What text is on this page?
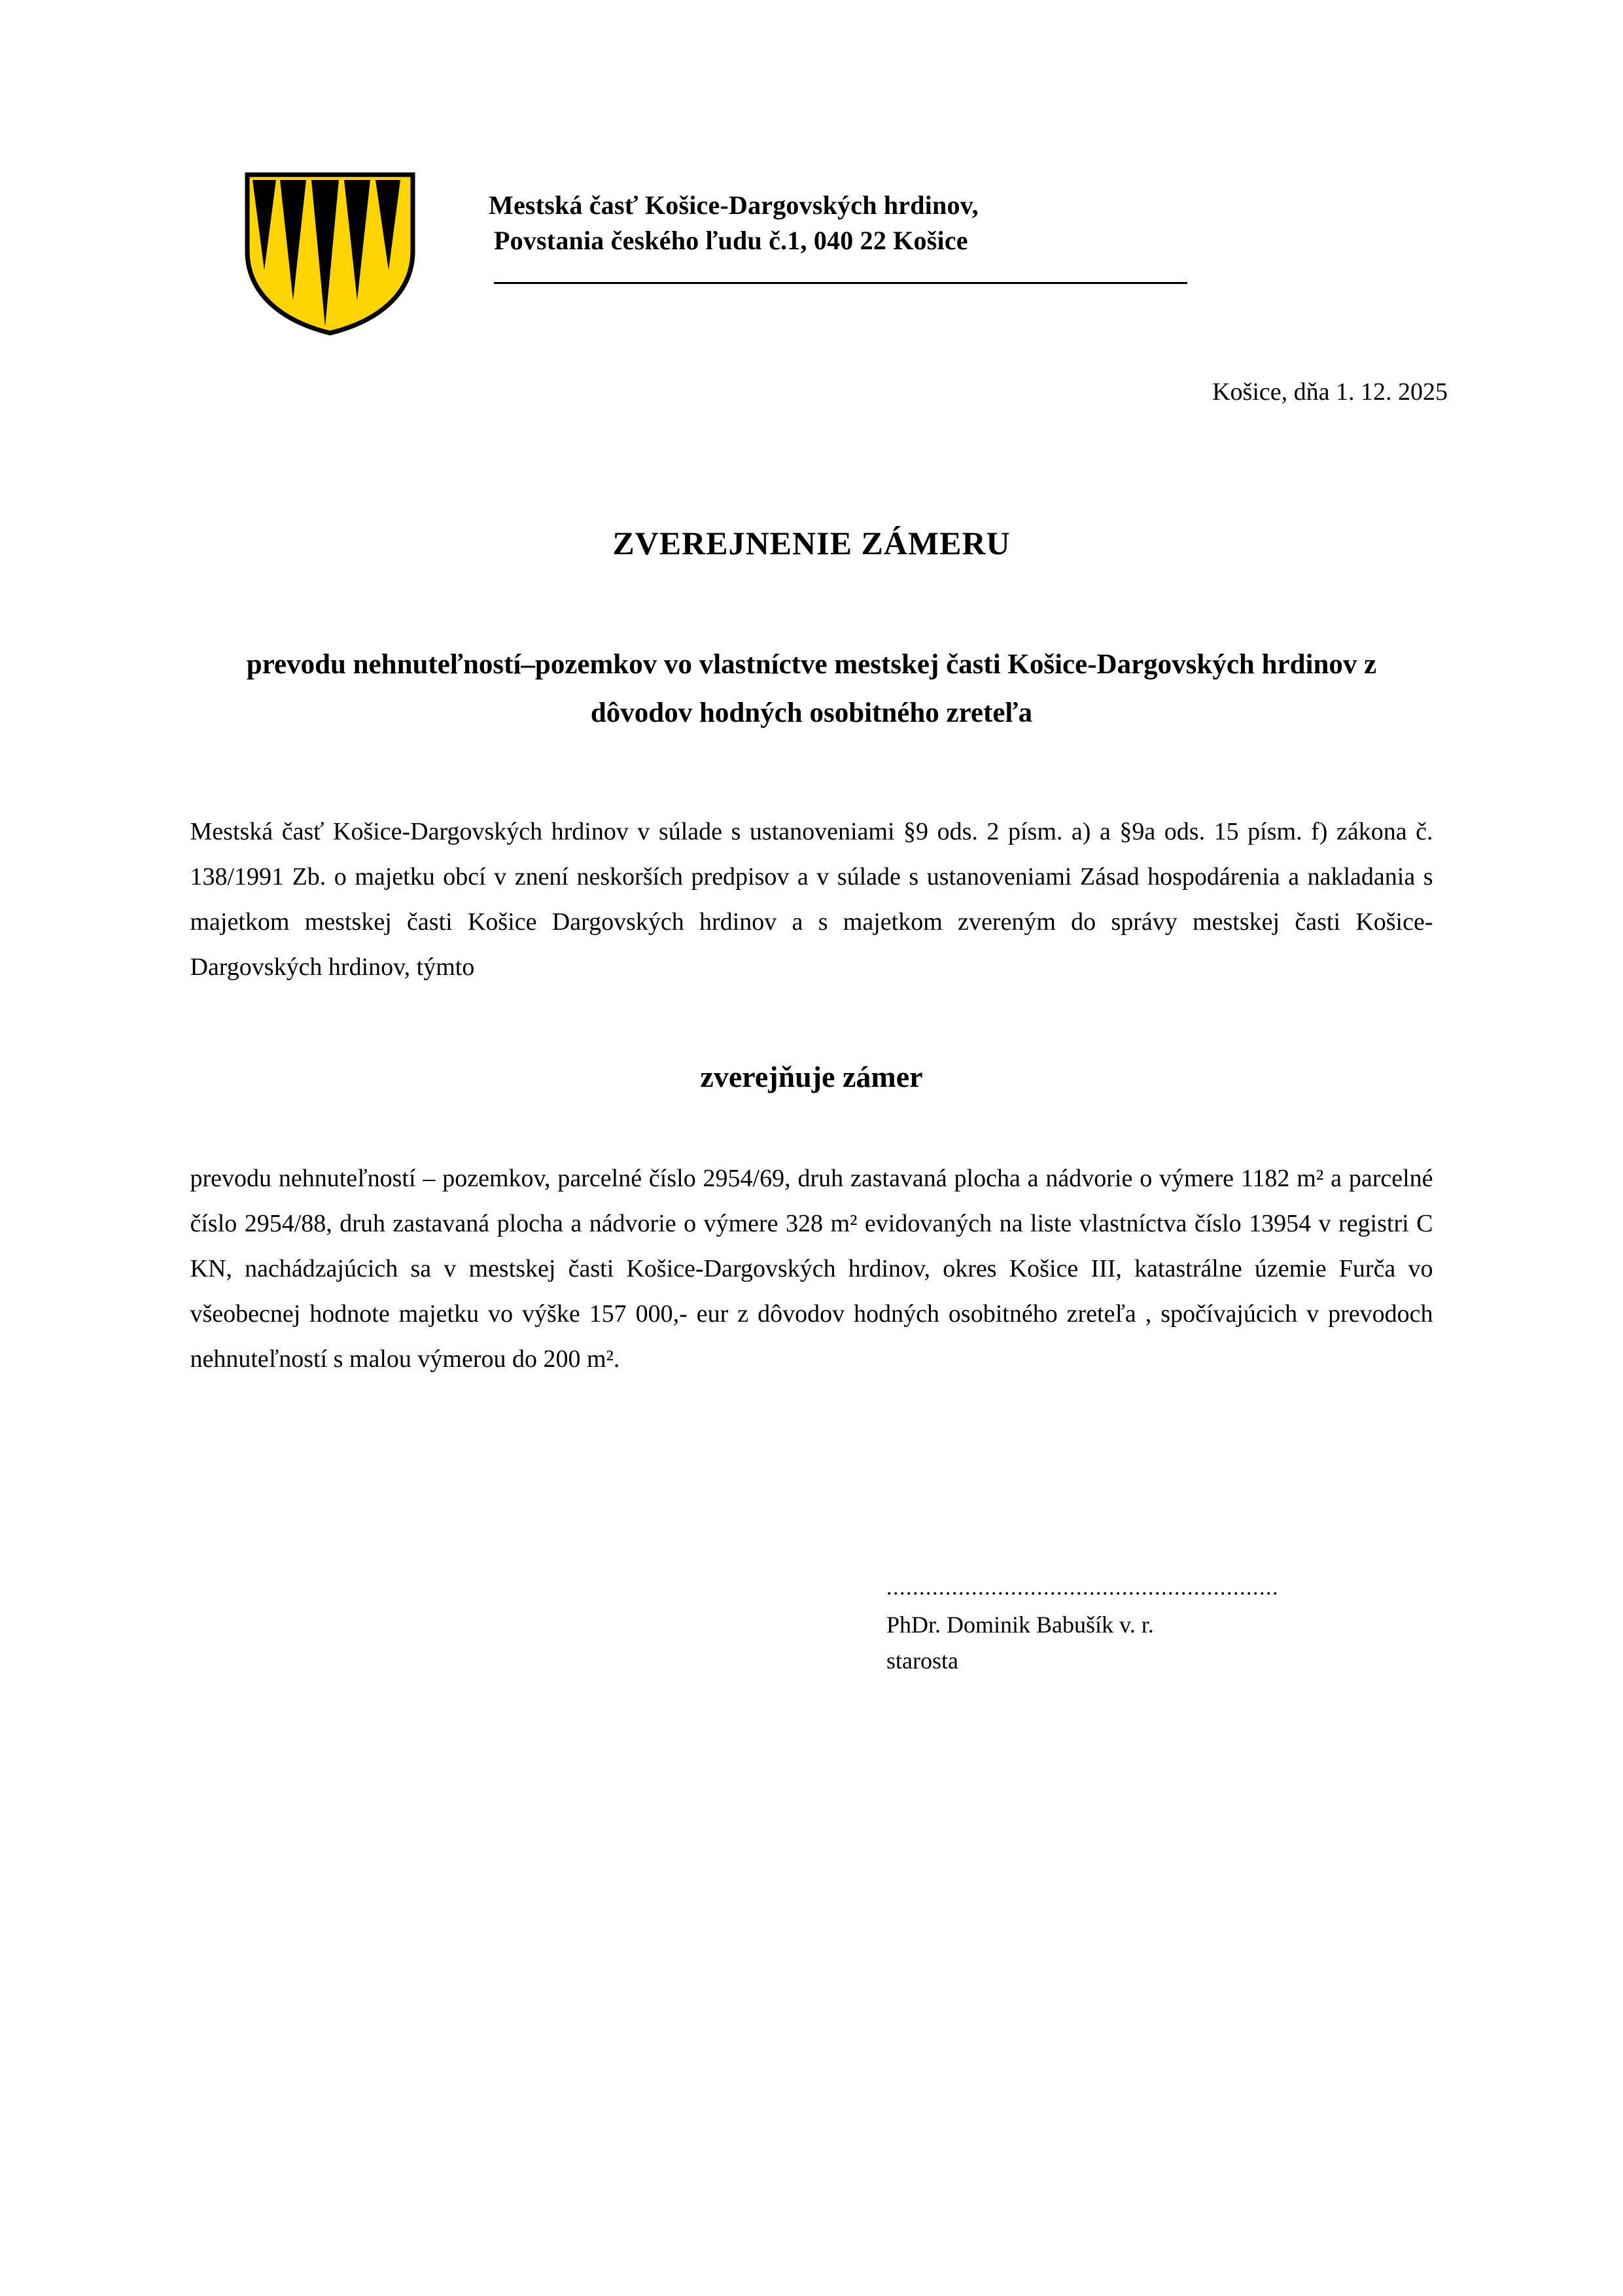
Mestská časť Košice-Dargovských hrdinov,
Povstania českého ľudu č.1, 040 22 Košice
Košice, dňa 1. 12. 2025
ZVEREJNENIE ZÁMERU
prevodu nehnuteľností–pozemkov vo vlastníctve mestskej časti Košice-Dargovských hrdinov z dôvodov hodných osobitného zreteľa
Mestská časť Košice-Dargovských hrdinov v súlade s ustanoveniami §9 ods. 2 písm. a) a §9a ods. 15 písm. f) zákona č. 138/1991 Zb. o majetku obcí v znení neskorších predpisov a v súlade s ustanoveniami Zásad hospodárenia a nakladania s majetkom mestskej časti Košice Dargovských hrdinov a s majetkom zvereným do správy mestskej časti Košice-Dargovských hrdinov, týmto
zverejňuje zámer
prevodu nehnuteľností – pozemkov, parcelné číslo 2954/69, druh zastavaná plocha a nádvorie o výmere 1182 m² a parcelné číslo 2954/88, druh zastavaná plocha a nádvorie o výmere 328 m² evidovaných na liste vlastníctva číslo 13954 v registri C KN, nachádzajúcich sa v mestskej časti Košice-Dargovských hrdinov, okres Košice III, katastrálne územie Furča vo všeobecnej hodnote majetku vo výške 157 000,- eur z dôvodov hodných osobitného zreteľa , spočívajúcich v prevodoch nehnuteľností s malou výmerou do 200 m².
............................................................
PhDr. Dominik Babušík v. r.
starosta
